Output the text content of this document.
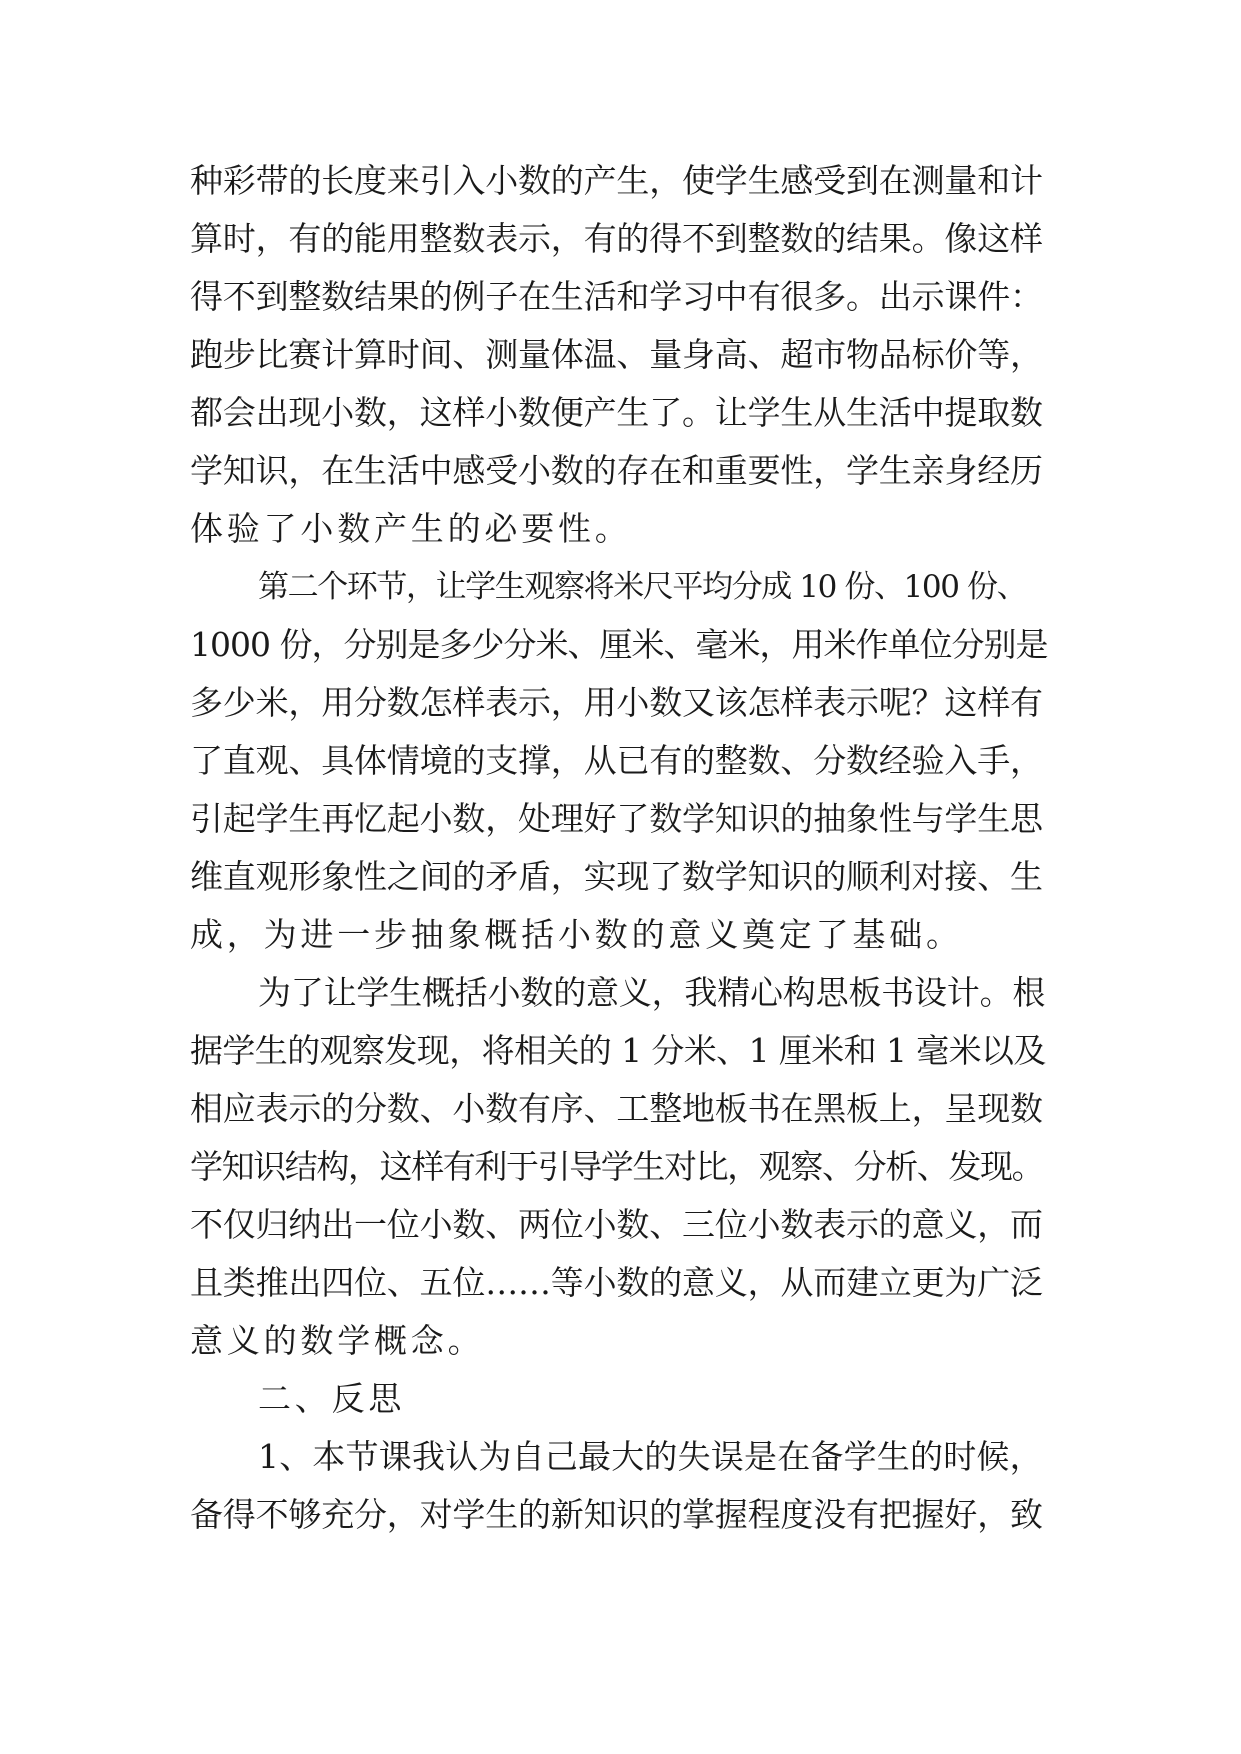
种彩带的长度来引入小数的产生，使学生感受到在测量和计
算时，有的能用整数表示，有的得不到整数的结果。像这样
得不到整数结果的例子在生活和学习中有很多。出示课件：
跑步比赛计算时间、测量体温、量身高、超市物品标价等，
都会出现小数，这样小数便产生了。让学生从生活中提取数
学知识，在生活中感受小数的存在和重要性，学生亲身经历
体验了小数产生的必要性。
第二个环节，让学生观察将米尺平均分成 10 份、100 份、
1000 份，分别是多少分米、厘米、毫米，用米作单位分别是
多少米，用分数怎样表示，用小数又该怎样表示呢？这样有
了直观、具体情境的支撑，从已有的整数、分数经验入手，
引起学生再忆起小数，处理好了数学知识的抽象性与学生思
维直观形象性之间的矛盾，实现了数学知识的顺利对接、生
成，为进一步抽象概括小数的意义奠定了基础。
为了让学生概括小数的意义，我精心构思板书设计。根
据学生的观察发现，将相关的 1 分米、1 厘米和 1 毫米以及
相应表示的分数、小数有序、工整地板书在黑板上，呈现数
学知识结构，这样有利于引导学生对比，观察、分析、发现。
不仅归纳出一位小数、两位小数、三位小数表示的意义，而
且类推出四位、五位……等小数的意义，从而建立更为广泛
意义的数学概念。
二、反思
1、本节课我认为自己最大的失误是在备学生的时候，
备得不够充分，对学生的新知识的掌握程度没有把握好，致
